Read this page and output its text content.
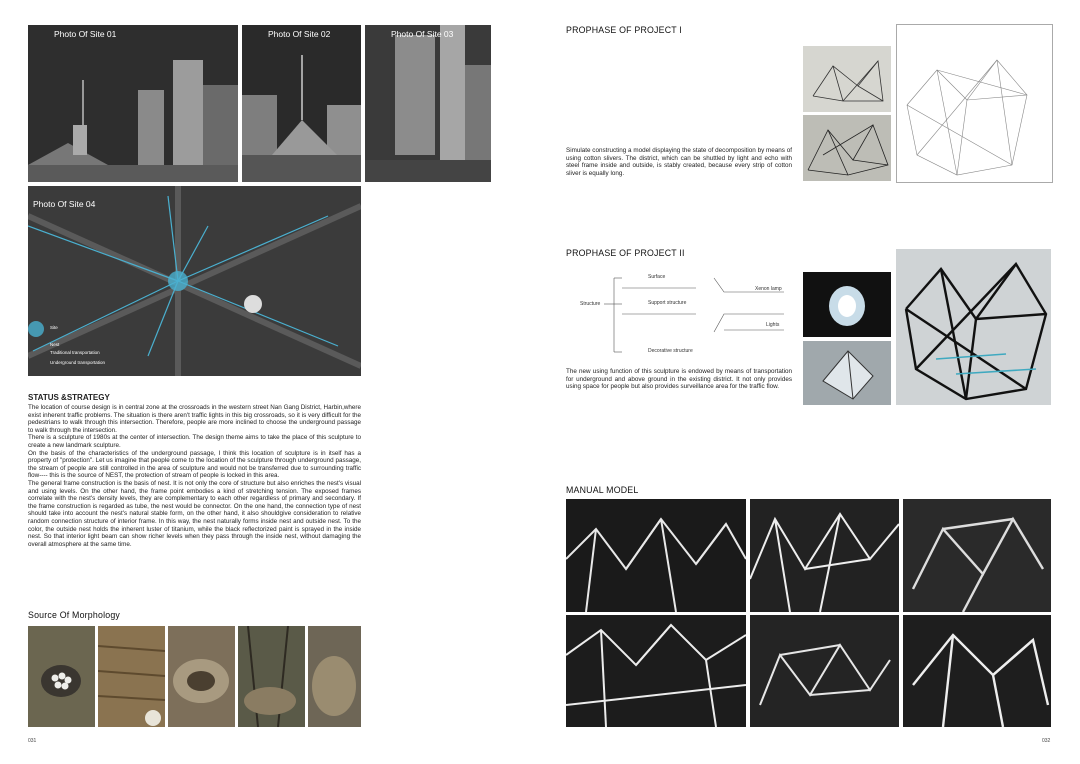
Photo Of Site 01	Photo Of Site 02	Photo Of Site 03
Photo Of Site 04
Site
Nest
Traditional transportation
Underground transportation
STATUS &STRATEGY

The location of course design is in central zone at the crossroads in the western street Nan Gang District, Harbin,where exist inherent traffic problems. The situation is there aren't traffic lights in this big crossroads, so it is very difficult for the pedestrians to walk through this intersection. Therefore, people are more inclined to choose the underground passage to walk through the intersection.

There is a sculpture of 1980s at the center of intersection. The design theme aims to take the place of this sculpture to create a new landmark sculpture.

On the basis of the characteristics of the underground passage, I think this location of sculpture is in itself has a property of "protection". Let us imagine that people come to the location of the sculpture through underground passage, the stream of people are still controlled in the area of sculpture and would not be transferred due to surrounding traffic flow---- this is the source of NEST, the protection of stream of people is locked in this area.

The general frame construction is the basis of nest. It is not only the core of structure but also enriches the nest's visual and using levels. On the other hand, the frame point embodies a kind of stretching tension. The exposed frames correlate with the nest's density levels, they are complementary to each other regardless of primary and secondary. If the frame construction is regarded as tube, the nest would be connector. On the one hand, the connection type of nest should take into account the nest's natural stable form, on the other hand, it also shouldgive consideration to relative random connection structure of interior frame. In this way, the nest naturally forms inside nest and outside nest. To the color, the outside nest holds the inherent luster of titanium, while the black reflectorized paint is sprayed in the inside nest. So that interior light beam can show richer levels when they pass through the inside nest, without damaging the overall atmosphere at the same time.

Source Of Morphology
031
PROPHASE OF PROJECT I
Simulate constructing a model displaying the state of decomposition by means of using cotton slivers. The district, which can be shuttled by light and echo with steel frame inside and outside, is stably created, because every strip of cotton sliver is equally long.
PROPHASE OF PROJECT II
Structure
Surface
Support structure
Decorative structure
Xenon lamp
Lights
The new using function of this sculpture is endowed by means of transportation for underground and above ground in the existing district. It not only provides using space for people but also provides surveillance area for the traffic flow.
MANUAL MODEL
032
